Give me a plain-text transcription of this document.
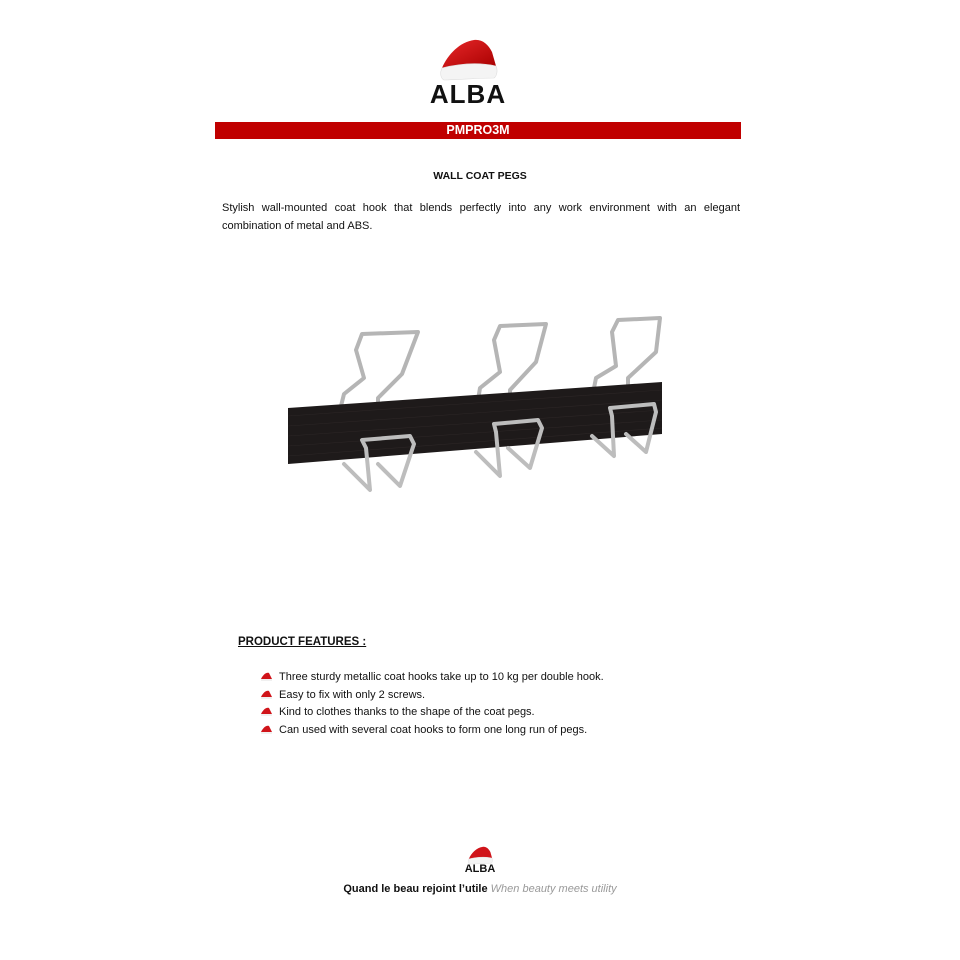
ALBA
PMPRO3M
WALL COAT PEGS
Stylish wall-mounted coat hook that blends perfectly into any work environment with an elegant combination of metal and ABS.
PRODUCT FEATURES :
Three sturdy metallic coat hooks take up to 10 kg per double hook.
Easy to fix with only 2 screws.
Kind to clothes thanks to the shape of the coat pegs.
Can used with several coat hooks to form one long run of pegs.
ALBA
Quand le beau rejoint l’utile When beauty meets utility
